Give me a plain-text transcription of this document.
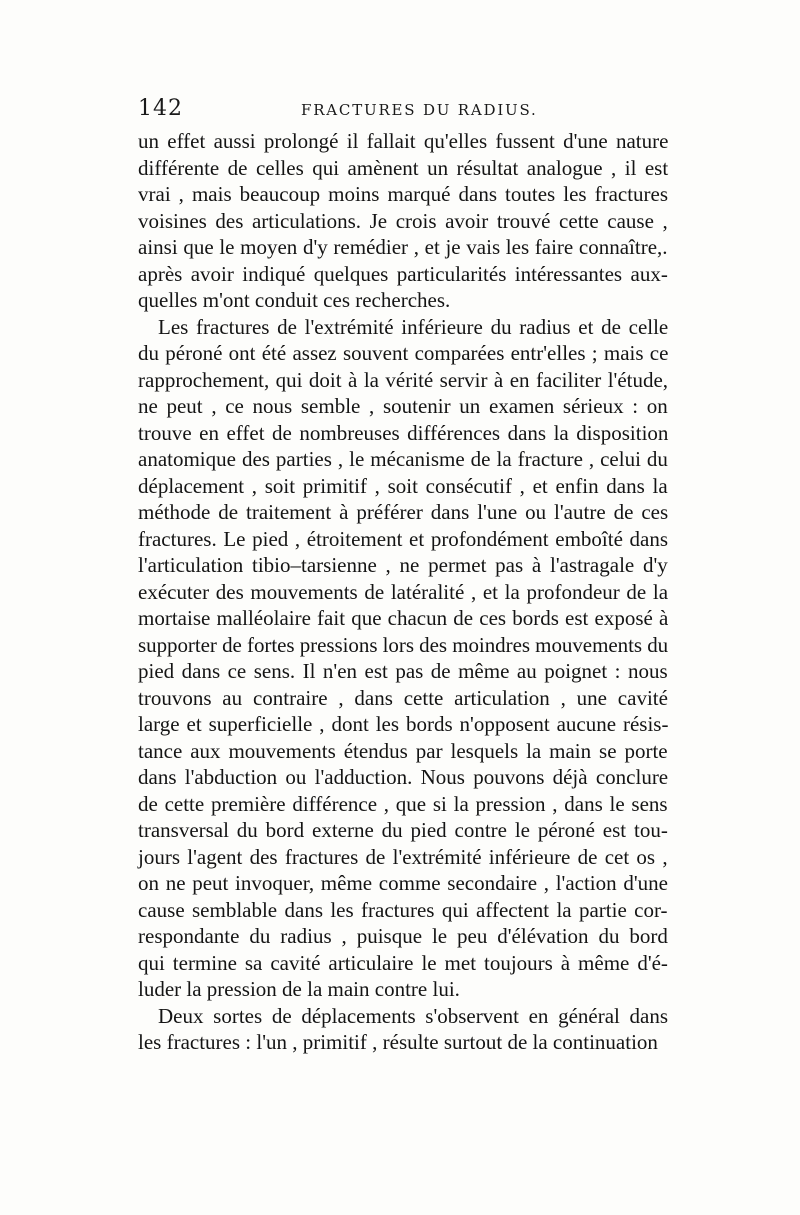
142	FRACTURES DU RADIUS.
un effet aussi prolongé il fallait qu'elles fussent d'une nature
différente de celles qui amènent un résultat analogue , il est
vrai , mais beaucoup moins marqué dans toutes les fractures
voisines des articulations. Je crois avoir trouvé cette cause ,
ainsi que le moyen d'y remédier , et je vais les faire connaître,.
après avoir indiqué quelques particularités intéressantes aux-
quelles m'ont conduit ces recherches.
Les fractures de l'extrémité inférieure du radius et de celle
du péroné ont été assez souvent comparées entr'elles ; mais ce
rapprochement, qui doit à la vérité servir à en faciliter l'étude,
ne peut , ce nous semble , soutenir un examen sérieux : on
trouve en effet de nombreuses différences dans la disposition
anatomique des parties , le mécanisme de la fracture , celui du
déplacement , soit primitif , soit consécutif , et enfin dans la
méthode de traitement à préférer dans l'une ou l'autre de ces
fractures. Le pied , étroitement et profondément emboîté dans
l'articulation tibio–tarsienne , ne permet pas à l'astragale d'y
exécuter des mouvements de latéralité , et la profondeur de la
mortaise malléolaire fait que chacun de ces bords est exposé à
supporter de fortes pressions lors des moindres mouvements du
pied dans ce sens. Il n'en est pas de même au poignet : nous
trouvons au contraire , dans cette articulation , une cavité
large et superficielle , dont les bords n'opposent aucune résis-
tance aux mouvements étendus par lesquels la main se porte
dans l'abduction ou l'adduction. Nous pouvons déjà conclure
de cette première différence , que si la pression , dans le sens
transversal du bord externe du pied contre le péroné est tou-
jours l'agent des fractures de l'extrémité inférieure de cet os ,
on ne peut invoquer, même comme secondaire , l'action d'une
cause semblable dans les fractures qui affectent la partie cor-
respondante du radius , puisque le peu d'élévation du bord
qui termine sa cavité articulaire le met toujours à même d'é-
luder la pression de la main contre lui.
Deux sortes de déplacements s'observent en général dans
les fractures : l'un , primitif , résulte surtout de la continuation
